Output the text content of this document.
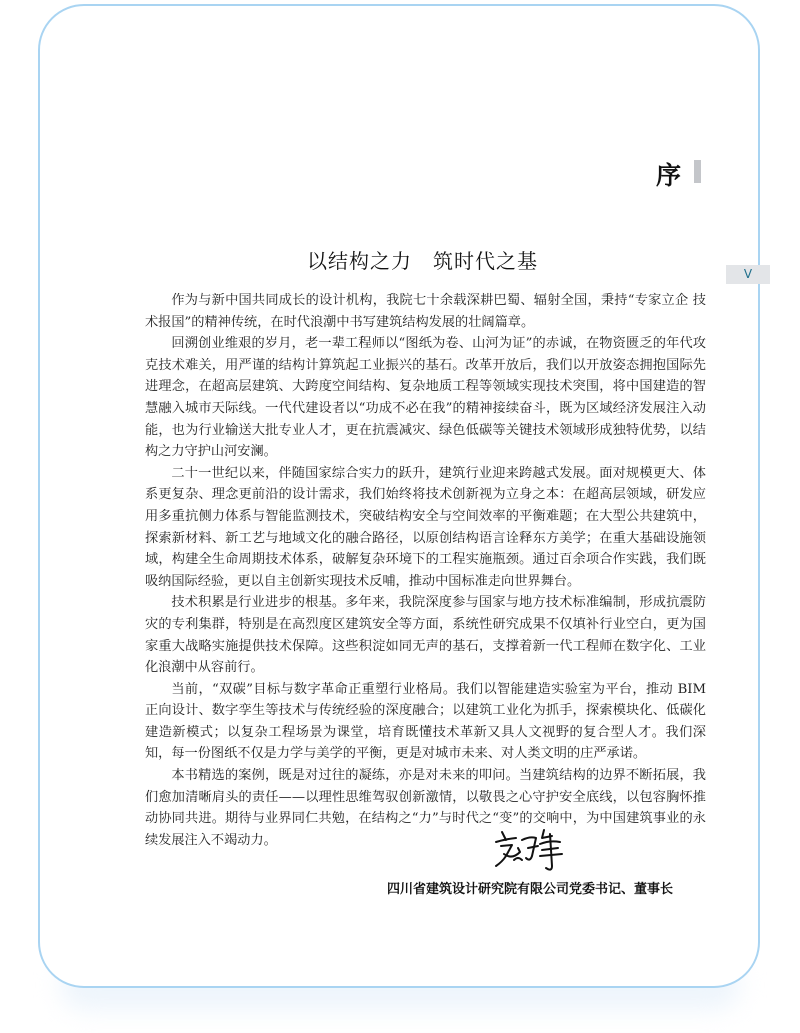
序
V
以结构之力　筑时代之基

作为与新中国共同成长的设计机构，我院七十余载深耕巴蜀、辐射全国，秉持“专家立企 技术报国”的精神传统，在时代浪潮中书写建筑结构发展的壮阔篇章。

回溯创业维艰的岁月，老一辈工程师以“图纸为卷、山河为证”的赤诚，在物资匮乏的年代攻克技术难关，用严谨的结构计算筑起工业振兴的基石。改革开放后，我们以开放姿态拥抱国际先进理念，在超高层建筑、大跨度空间结构、复杂地质工程等领域实现技术突围，将中国建造的智慧融入城市天际线。一代代建设者以“功成不必在我”的精神接续奋斗，既为区域经济发展注入动能，也为行业输送大批专业人才，更在抗震减灾、绿色低碳等关键技术领域形成独特优势，以结构之力守护山河安澜。

二十一世纪以来，伴随国家综合实力的跃升，建筑行业迎来跨越式发展。面对规模更大、体系更复杂、理念更前沿的设计需求，我们始终将技术创新视为立身之本：在超高层领域，研发应用多重抗侧力体系与智能监测技术，突破结构安全与空间效率的平衡难题；在大型公共建筑中，探索新材料、新工艺与地域文化的融合路径，以原创结构语言诠释东方美学；在重大基础设施领域，构建全生命周期技术体系，破解复杂环境下的工程实施瓶颈。通过百余项合作实践，我们既吸纳国际经验，更以自主创新实现技术反哺，推动中国标准走向世界舞台。

技术积累是行业进步的根基。多年来，我院深度参与国家与地方技术标准编制，形成抗震防灾的专利集群，特别是在高烈度区建筑安全等方面，系统性研究成果不仅填补行业空白，更为国家重大战略实施提供技术保障。这些积淀如同无声的基石，支撑着新一代工程师在数字化、工业化浪潮中从容前行。

当前，“双碳”目标与数字革命正重塑行业格局。我们以智能建造实验室为平台，推动 BIM 正向设计、数字孪生等技术与传统经验的深度融合；以建筑工业化为抓手，探索模块化、低碳化建造新模式；以复杂工程场景为课堂，培育既懂技术革新又具人文视野的复合型人才。我们深知，每一份图纸不仅是力学与美学的平衡，更是对城市未来、对人类文明的庄严承诺。

本书精选的案例，既是对过往的凝练，亦是对未来的叩问。当建筑结构的边界不断拓展，我们愈加清晰肩头的责任——以理性思维驾驭创新激情，以敬畏之心守护安全底线，以包容胸怀推动协同共进。期待与业界同仁共勉，在结构之“力”与时代之“变”的交响中，为中国建筑事业的永续发展注入不竭动力。

四川省建筑设计研究院有限公司党委书记、董事长
